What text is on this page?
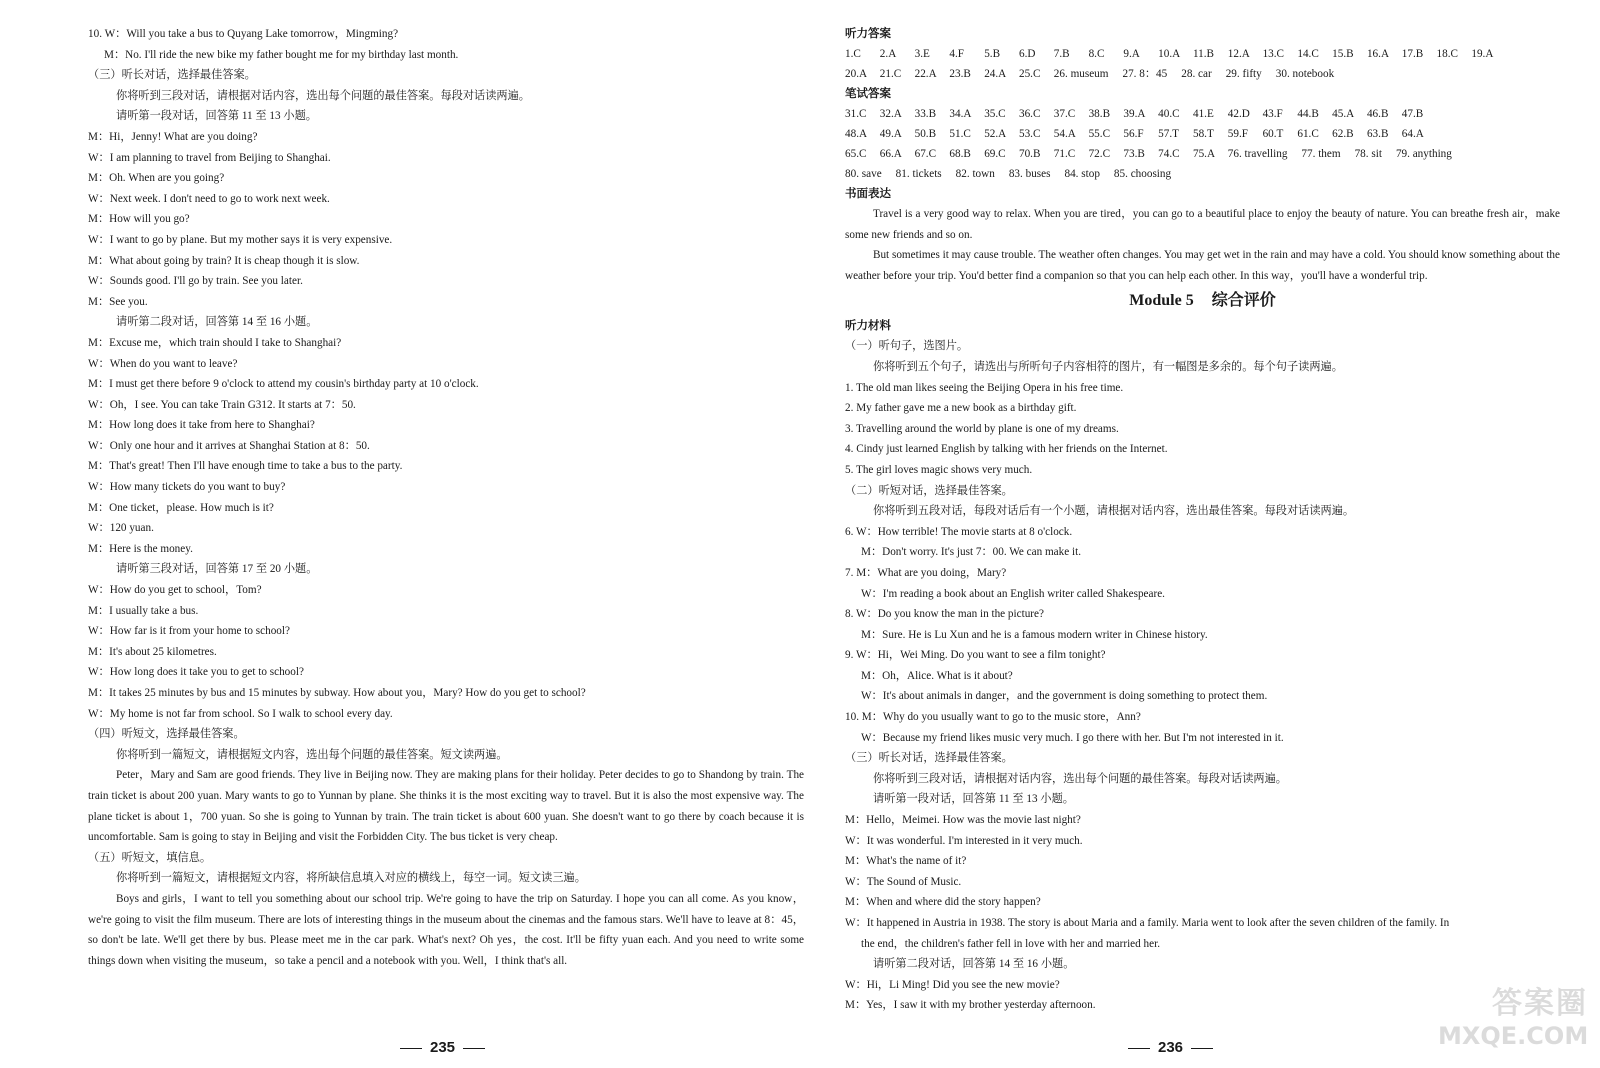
10. W：Will you take a bus to Quyang Lake tomorrow，Mingming?
M：No. I'll ride the new bike my father bought me for my birthday last month.
（三）听长对话，选择最佳答案。
你将听到三段对话，请根据对话内容，选出每个问题的最佳答案。每段对话读两遍。
请听第一段对话，回答第 11 至 13 小题。
M：Hi，Jenny! What are you doing?
W：I am planning to travel from Beijing to Shanghai.
M：Oh. When are you going?
W：Next week. I don't need to go to work next week.
M：How will you go?
W：I want to go by plane. But my mother says it is very expensive.
M：What about going by train? It is cheap though it is slow.
W：Sounds good. I'll go by train. See you later.
M：See you.
请听第二段对话，回答第 14 至 16 小题。
M：Excuse me，which train should I take to Shanghai?
W：When do you want to leave?
M：I must get there before 9 o'clock to attend my cousin's birthday party at 10 o'clock.
W：Oh，I see. You can take Train G312. It starts at 7：50.
M：How long does it take from here to Shanghai?
W：Only one hour and it arrives at Shanghai Station at 8：50.
M：That's great! Then I'll have enough time to take a bus to the party.
W：How many tickets do you want to buy?
M：One ticket，please. How much is it?
W：120 yuan.
M：Here is the money.
请听第三段对话，回答第 17 至 20 小题。
W：How do you get to school，Tom?
M：I usually take a bus.
W：How far is it from your home to school?
M：It's about 25 kilometres.
W：How long does it take you to get to school?
M：It takes 25 minutes by bus and 15 minutes by subway. How about you，Mary? How do you get to school?
W：My home is not far from school. So I walk to school every day.
（四）听短文，选择最佳答案。
你将听到一篇短文，请根据短文内容，选出每个问题的最佳答案。短文读两遍。
Peter，Mary and Sam are good friends. They live in Beijing now. They are making plans for their holiday. Peter decides to go to Shandong by train. The train ticket is about 200 yuan. Mary wants to go to Yunnan by plane. She thinks it is the most exciting way to travel. But it is also the most expensive way. The plane ticket is about 1，700 yuan. So she is going to Yunnan by train. The train ticket is about 600 yuan. She doesn't want to go there by coach because it is uncomfortable. Sam is going to stay in Beijing and visit the Forbidden City. The bus ticket is very cheap.
（五）听短文，填信息。
你将听到一篇短文，请根据短文内容，将所缺信息填入对应的横线上，每空一词。短文读三遍。
Boys and girls，I want to tell you something about our school trip. We're going to have the trip on Saturday. I hope you can all come. As you know，we're going to visit the film museum. There are lots of interesting things in the museum about the cinemas and the famous stars. We'll have to leave at 8：45，so don't be late. We'll get there by bus. Please meet me in the car park. What's next? Oh yes，the cost. It'll be fifty yuan each. And you need to write some things down when visiting the museum，so take a pencil and a notebook with you. Well，I think that's all.
235
听力答案
1.C	2.A	3.E	4.F	5.B	6.D	7.B	8.C	9.A	10.A	11.B	12.A	13.C	14.C	15.B	16.A	17.B	18.C	19.A
20.A	21.C	22.A	23.B	24.A	25.C	26. museum	27. 8：45	28. car	29. fifty	30. notebook
笔试答案
31.C	32.A	33.B	34.A	35.C	36.C	37.C	38.B	39.A	40.C	41.E	42.D	43.F	44.B	45.A	46.B	47.B
48.A	49.A	50.B	51.C	52.A	53.C	54.A	55.C	56.F	57.T	58.T	59.F	60.T	61.C	62.B	63.B	64.A
65.C	66.A	67.C	68.B	69.C	70.B	71.C	72.C	73.B	74.C	75.A	76. travelling	77. them	78. sit	79. anything
80. save	81. tickets	82. town	83. buses	84. stop	85. choosing
书面表达
Travel is a very good way to relax. When you are tired，you can go to a beautiful place to enjoy the beauty of nature. You can breathe fresh air，make some new friends and so on.
But sometimes it may cause trouble. The weather often changes. You may get wet in the rain and may have a cold. You should know something about the weather before your trip. You'd better find a companion so that you can help each other. In this way，you'll have a wonderful trip.
Module 5 综合评价
听力材料
（一）听句子，选图片。
你将听到五个句子，请选出与所听句子内容相符的图片，有一幅图是多余的。每个句子读两遍。
1. The old man likes seeing the Beijing Opera in his free time.
2. My father gave me a new book as a birthday gift.
3. Travelling around the world by plane is one of my dreams.
4. Cindy just learned English by talking with her friends on the Internet.
5. The girl loves magic shows very much.
（二）听短对话，选择最佳答案。
你将听到五段对话，每段对话后有一个小题，请根据对话内容，选出最佳答案。每段对话读两遍。
6. W：How terrible! The movie starts at 8 o'clock.
M：Don't worry. It's just 7：00. We can make it.
7. M：What are you doing，Mary?
W：I'm reading a book about an English writer called Shakespeare.
8. W：Do you know the man in the picture?
M：Sure. He is Lu Xun and he is a famous modern writer in Chinese history.
9. W：Hi，Wei Ming. Do you want to see a film tonight?
M：Oh，Alice. What is it about?
W：It's about animals in danger，and the government is doing something to protect them.
10. M：Why do you usually want to go to the music store，Ann?
W：Because my friend likes music very much. I go there with her. But I'm not interested in it.
（三）听长对话，选择最佳答案。
你将听到三段对话，请根据对话内容，选出每个问题的最佳答案。每段对话读两遍。
请听第一段对话，回答第 11 至 13 小题。
M：Hello，Meimei. How was the movie last night?
W：It was wonderful. I'm interested in it very much.
M：What's the name of it?
W：The Sound of Music.
M：When and where did the story happen?
W：It happened in Austria in 1938. The story is about Maria and a family. Maria went to look after the seven children of the family. In
the end，the children's father fell in love with her and married her.
请听第二段对话，回答第 14 至 16 小题。
W：Hi，Li Ming! Did you see the new movie?
M：Yes，I saw it with my brother yesterday afternoon.
236
答案圈
MXQE.COM
